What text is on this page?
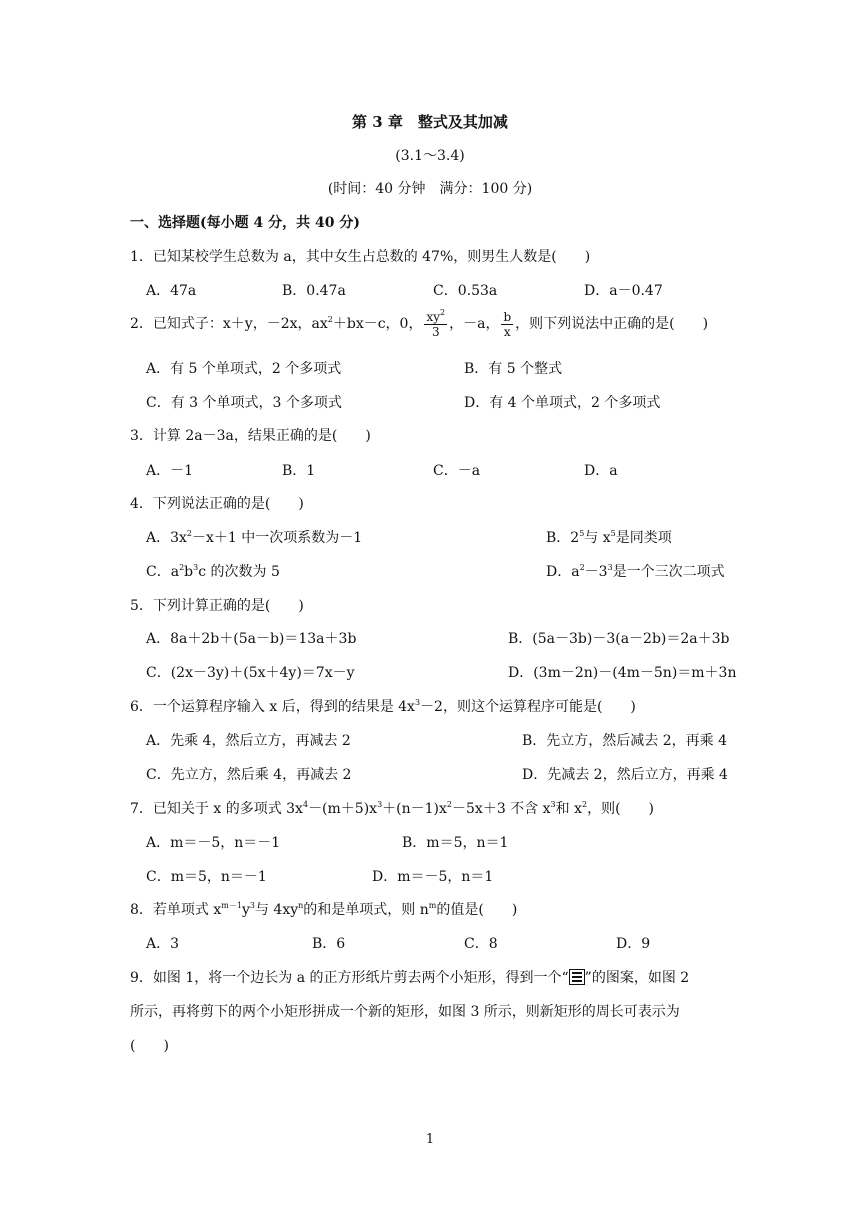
第 3 章　整式及其加减
(3.1～3.4)
(时间：40 分钟　满分：100 分)
一、选择题(每小题 4 分，共 40 分)
1．已知某校学生总数为 a，其中女生占总数的 47%，则男生人数是(　　)
A．47a	B．0.47a	C．0.53a	D．a－0.47
2．已知式子：x＋y，－2x，$ax^2+bx-c$，0， $\frac{xy^2}{3}$ ，－a， $\frac{b}{x}$ ，则下列说法中正确的是(　　)
A．有 5 个单项式，2 个多项式	B．有 5 个整式
C．有 3 个单项式，3 个多项式	D．有 4 个单项式，2 个多项式
3．计算 2a－3a，结果正确的是(　　)
A．－1	B．1	C．－a	D．a
4．下列说法正确的是(　　)
A．$3x^2-x+1$ 中一次项系数为－1	B．$2^5$与 $x^5$是同类项
C．$a^2b^3c$ 的次数为 5	D．$a^2-3^3$是一个三次二项式
5．下列计算正确的是(　　)
A．8a＋2b＋(5a－b)＝13a＋3b	B．(5a－3b)－3(a－2b)＝2a＋3b
C．(2x－3y)＋(5x＋4y)＝7x－y	D．(3m－2n)－(4m－5n)＝m＋3n
6．一个运算程序输入 x 后，得到的结果是 $4x^3-2$，则这个运算程序可能是(　　)
A．先乘 4，然后立方，再减去 2	B．先立方，然后减去 2，再乘 4
C．先立方，然后乘 4，再减去 2	D．先减去 2，然后立方，再乘 4
7．已知关于 x 的多项式 $3x^4-(m+5)x^3+(n-1)x^2-5x+3$ 不含 $x^3$和 $x^2$，则(　　)
A．m＝－5，n＝－1	B．m＝5，n＝1
C．m＝5，n＝－1	D．m＝－5，n＝1
8．若单项式 $x^{m-1}y^3$与 $4xy^n$的和是单项式，则 $n^m$的值是(　　)
A．3	B．6	C．8	D．9
9．如图 1，将一个边长为 a 的正方形纸片剪去两个小矩形，得到一个“ ”的图案，如图 2
所示，再将剪下的两个小矩形拼成一个新的矩形，如图 3 所示，则新矩形的周长可表示为
(　　)
1
